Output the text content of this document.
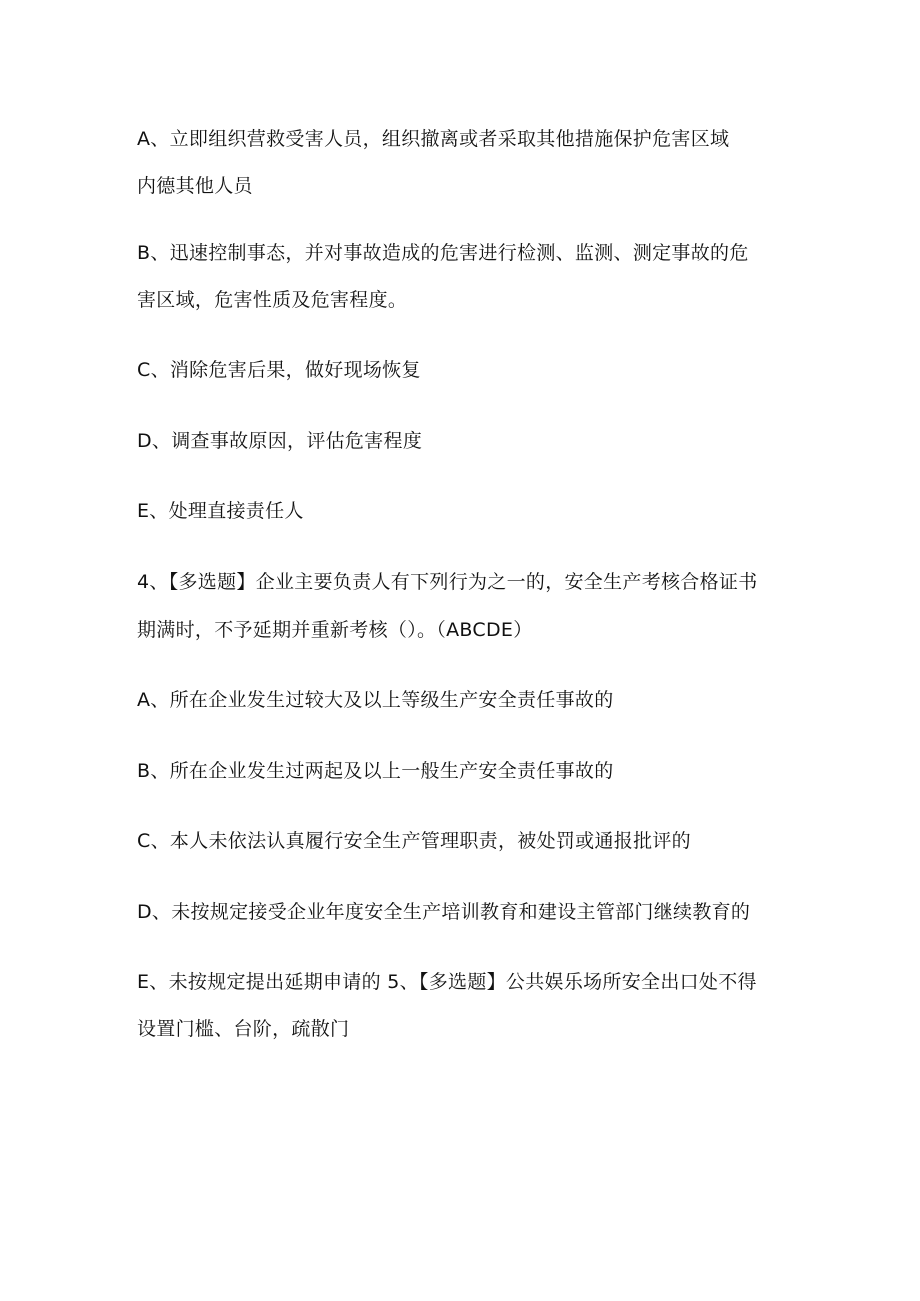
A、立即组织营救受害人员，组织撤离或者采取其他措施保护危害区域
内德其他人员
B、迅速控制事态，并对事故造成的危害进行检测、监测、测定事故的危
害区域，危害性质及危害程度。
C、消除危害后果，做好现场恢复
D、调查事故原因，评估危害程度
E、处理直接责任人
4、【多选题】企业主要负责人有下列行为之一的，安全生产考核合格证书
期满时，不予延期并重新考核（）。（ABCDE）
A、所在企业发生过较大及以上等级生产安全责任事故的
B、所在企业发生过两起及以上一般生产安全责任事故的
C、本人未依法认真履行安全生产管理职责，被处罚或通报批评的
D、未按规定接受企业年度安全生产培训教育和建设主管部门继续教育的
E、未按规定提出延期申请的 5、【多选题】公共娱乐场所安全出口处不得
设置门槛、台阶，疏散门
